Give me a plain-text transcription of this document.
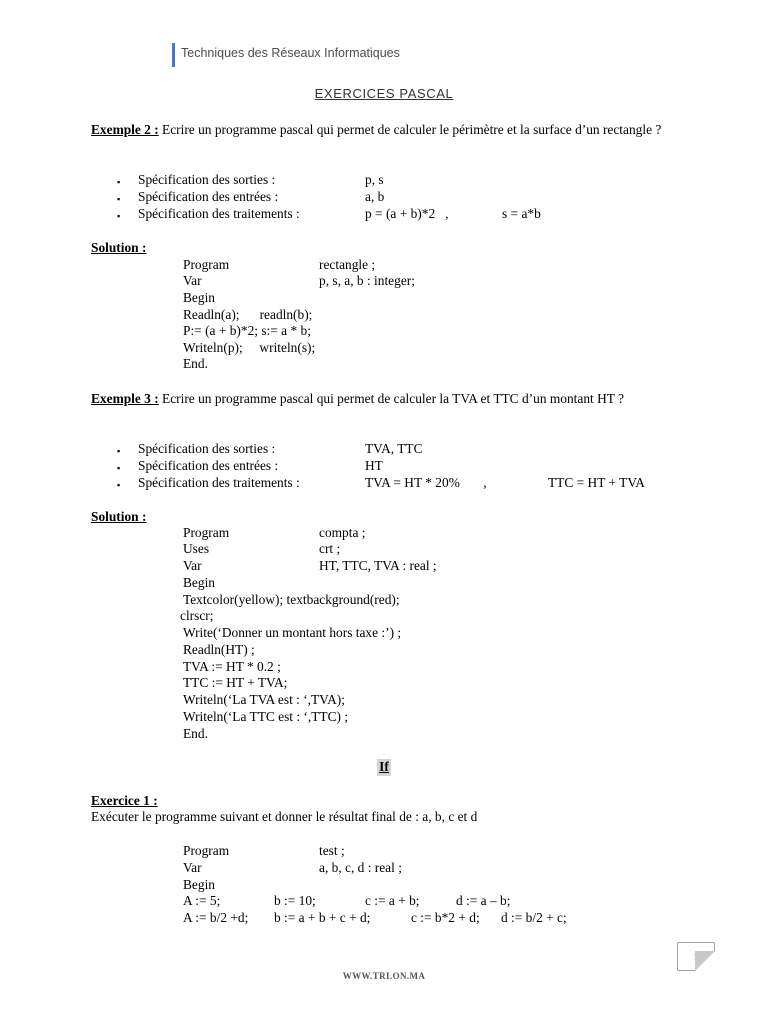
Techniques des Réseaux Informatiques
EXERCICES PASCAL
Exemple 2 : Ecrire un programme pascal qui permet de calculer le périmètre et la surface d’un rectangle ?
▪ Spécification des sorties :	p, s
▪ Spécification des entrées :	a, b
▪ Spécification des traitements :	p = (a + b)*2   ,	s = a*b
Solution :
Program	rectangle ;
Var	p, s, a, b : integer;
Begin
Readln(a);      readln(b);
P:= (a + b)*2; s:= a * b;
Writeln(p);     writeln(s);
End.
Exemple 3 : Ecrire un programme pascal qui permet de calculer la TVA et TTC d’un montant HT ?
▪ Spécification des sorties :	TVA, TTC
▪ Spécification des entrées :	HT
▪ Spécification des traitements :	TVA = HT * 20%       ,	TTC = HT + TVA
Solution :
Program	compta ;
Uses	crt ;
Var	HT, TTC, TVA : real ;
Begin
Textcolor(yellow); textbackground(red);
clrscr;
Write(‘Donner un montant hors taxe :’) ;
Readln(HT) ;
TVA := HT * 0.2 ;
TTC := HT + TVA;
Writeln(‘La TVA est : ‘,TVA);
Writeln(‘La TTC est : ‘,TTC) ;
End.
If
Exercice 1 :
Exécuter le programme suivant et donner le résultat final de : a, b, c et d
Program	test ;
Var	a, b, c, d : real ;
Begin
A := 5;	b := 10;	c := a + b;	d := a – b;
A := b/2 +d; b := a + b + c + d;	c := b*2 + d; d := b/2 + c;
1
WWW.TRI.ON.MA
